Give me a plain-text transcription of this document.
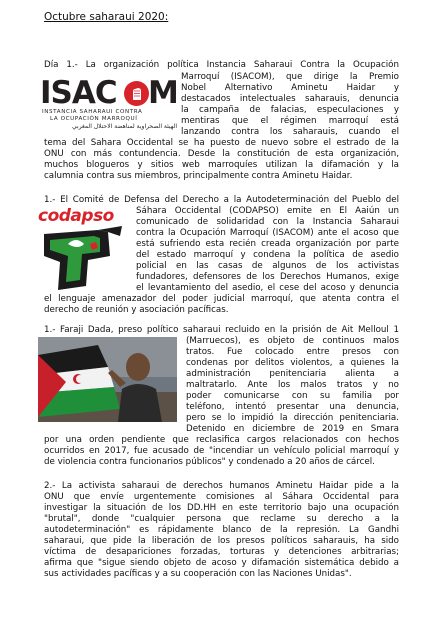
Octubre saharaui 2020:
ISAC M
INSTANCIA SAHARAUI CONTRA
LA OCUPACIÓN MARROQUÍ
الهيئة الصحراوية لمناهضة الاحتلال المغربي
Día 1.- La organización política Instancia Saharaui Contra la Ocupación
Marroquí (ISACOM), que dirige la Premio
Nobel Alternativo Aminetu Haidar y
destacados intelectuales saharauis, denuncia
la campaña de falacias, especulaciones y
mentiras que el régimen marroquí está
lanzando contra los saharauis, cuando el
tema del Sahara Occidental se ha puesto de nuevo sobre el estrado de la
ONU con más contundencia. Desde la constitución de esta organización,
muchos blogueros y sitios web marroquíes utilizan la difamación y la
calumnia contra sus miembros, principalmente contra Aminetu Haidar.
codapso
1.- El Comité de Defensa del Derecho a la Autodeterminación del Pueblo del
Sáhara Occidental (CODAPSO) emite en El Aaiún un
comunicado de solidaridad con la Instancia Saharaui
contra la Ocupación Marroquí (ISACOM) ante el acoso que
está sufriendo esta recién creada organización por parte
del estado marroquí y condena la política de asedio
policial en las casas de algunos de los activistas
fundadores, defensores de los Derechos Humanos, exige
el levantamiento del asedio, el cese del acoso y denuncia
el lenguaje amenazador del poder judicial marroquí, que atenta contra el
derecho de reunión y asociación pacíficas.
1.- Faraji Dada, preso político saharaui recluido en la prisión de Ait Melloul 1
(Marruecos), es objeto de continuos malos
tratos. Fue colocado entre presos con
condenas por delitos violentos, a quienes la
administración penitenciaria alienta a
maltratarlo. Ante los malos tratos y no
poder comunicarse con su familia por
teléfono, intentó presentar una denuncia,
pero se lo impidió la dirección penitenciaria.
Detenido en diciembre de 2019 en Smara
por una orden pendiente que reclasifica cargos relacionados con hechos
ocurridos en 2017, fue acusado de "incendiar un vehículo policial marroquí y
de violencia contra funcionarios públicos" y condenado a 20 años de cárcel.
2.- La activista saharaui de derechos humanos Aminetu Haidar pide a la
ONU que envíe urgentemente comisiones al Sáhara Occidental para
investigar la situación de los DD.HH en este territorio bajo una ocupación
"brutal", donde "cualquier persona que reclame su derecho a la
autodeterminación" es rápidamente blanco de la represión. La Gandhi
saharaui, que pide la liberación de los presos políticos saharauis, ha sido
víctima de desapariciones forzadas, torturas y detenciones arbitrarias;
afirma que "sigue siendo objeto de acoso y difamación sistemática debido a
sus actividades pacíficas y a su cooperación con las Naciones Unidas".
